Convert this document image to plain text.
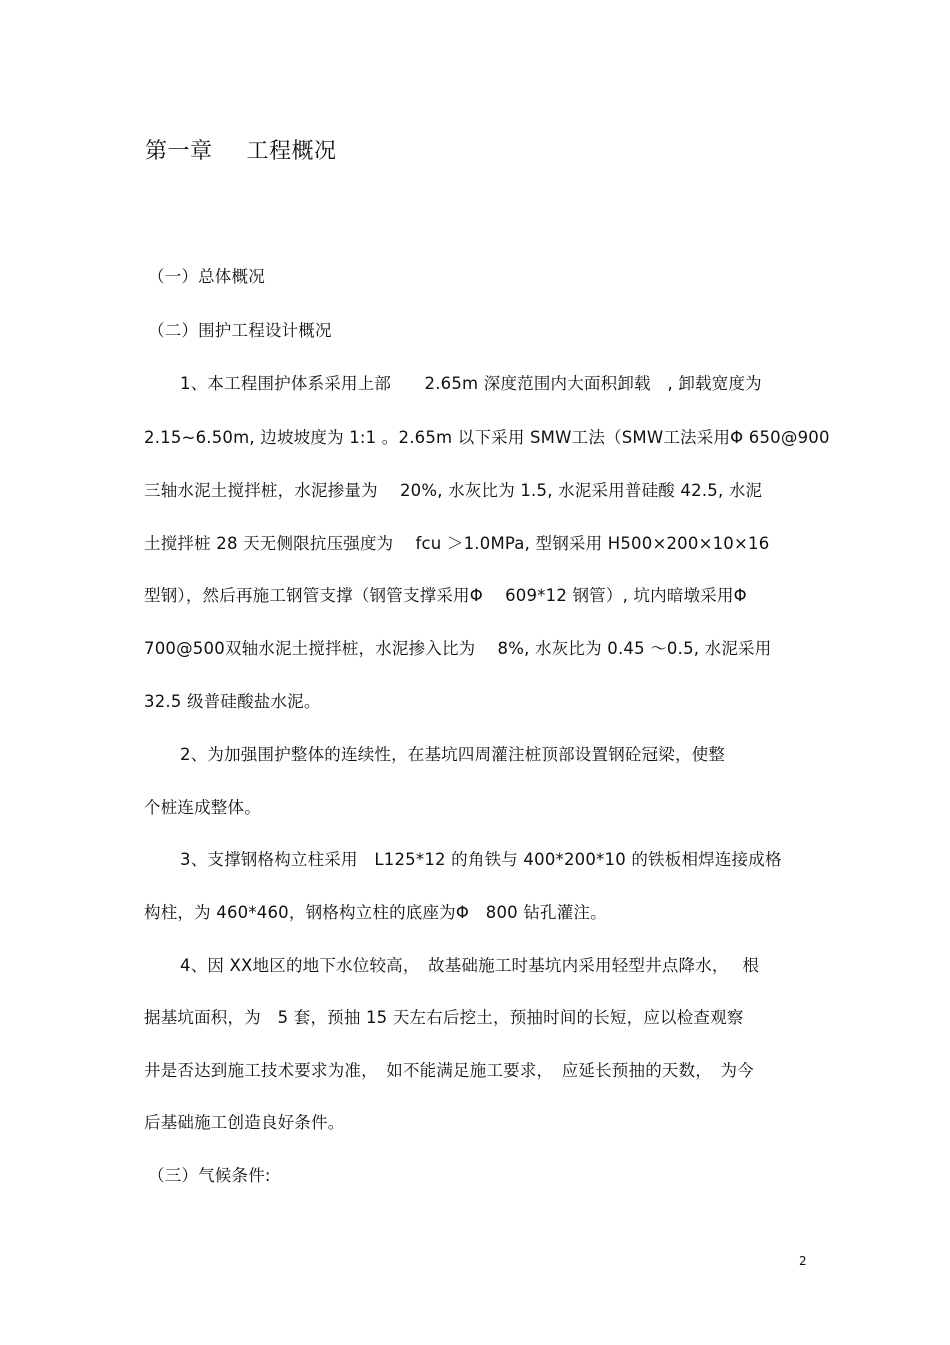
第一章 工程概况
（一）总体概况
（二）围护工程设计概况
1、本工程围护体系采用上部　　2.65m 深度范围内大面积卸载　, 卸载宽度为
2.15~6.50m, 边坡坡度为 1:1 。2.65m 以下采用 SMW工法（SMW工法采用Φ 650@900
三轴水泥土搅拌桩，水泥掺量为　 20%, 水灰比为 1.5, 水泥采用普硅酸 42.5, 水泥
土搅拌桩 28 天无侧限抗压强度为　 fcu ＞1.0MPa, 型钢采用 H500×200×10×16
型钢），然后再施工钢管支撑（钢管支撑采用Φ　 609*12 钢管）, 坑内暗墩采用Φ
700@500双轴水泥土搅拌桩，水泥掺入比为　 8%, 水灰比为 0.45 ～0.5, 水泥采用
32.5 级普硅酸盐水泥。
2、为加强围护整体的连续性，在基坑四周灌注桩顶部设置钢砼冠梁，使整
个桩连成整体。
3、支撑钢格构立柱采用　L125*12 的角铁与 400*200*10 的铁板相焊连接成格
构柱，为 460*460，钢格构立柱的底座为Φ　800 钻孔灌注。
4、因 XX地区的地下水位较高，　故基础施工时基坑内采用轻型井点降水，　 根
据基坑面积，为　5 套，预抽 15 天左右后挖土，预抽时间的长短，应以检查观察
井是否达到施工技术要求为准，　如不能满足施工要求，　应延长预抽的天数，　为今
后基础施工创造良好条件。
（三）气候条件:
2
